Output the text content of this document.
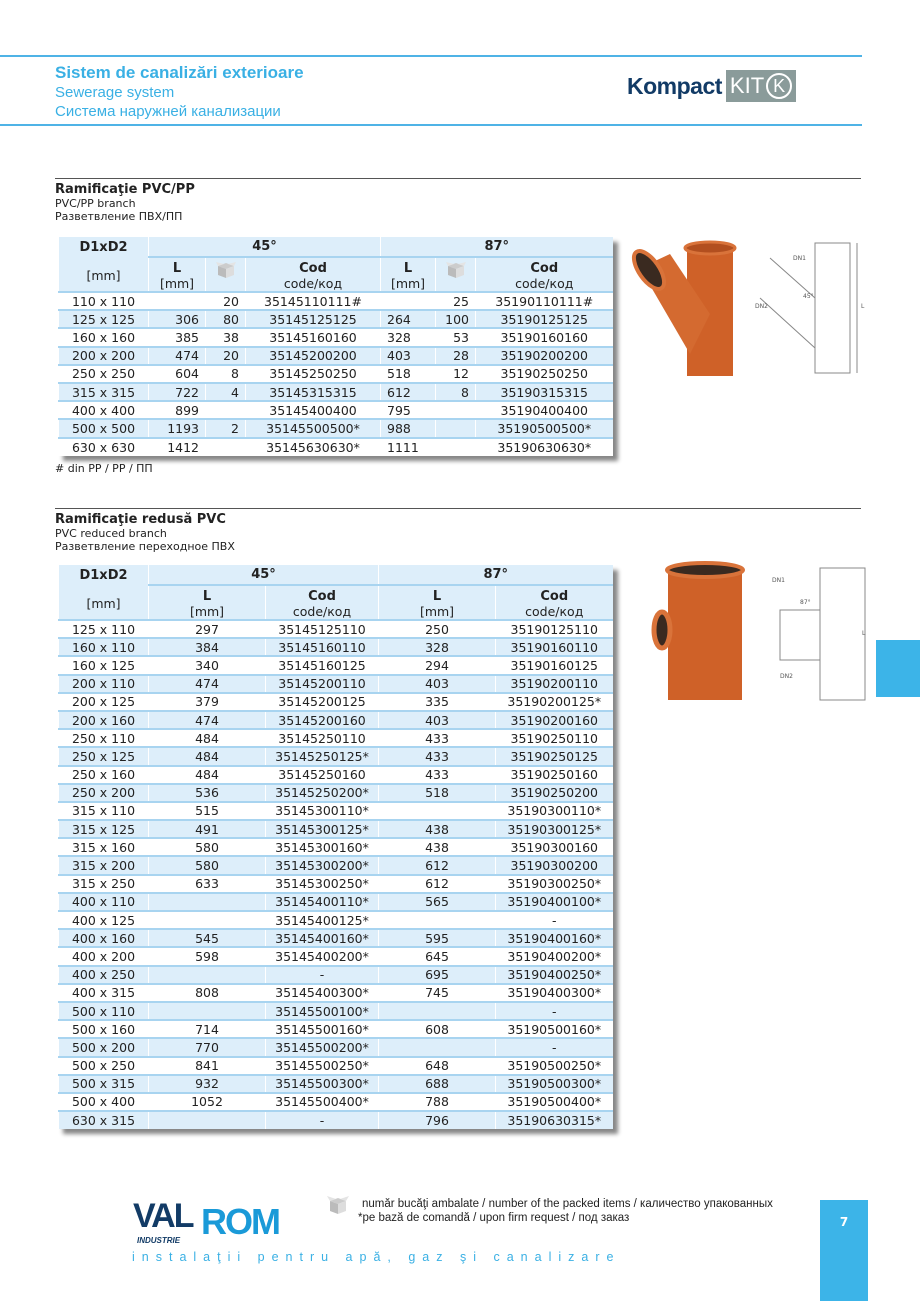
Sistem de canalizări exterioare
Sewerage system
Система наружней канализации
Kompact KIT K
Ramificaţie PVC/PP
PVC/PP branch
Разветвление ПВХ/ПП
D1xD2	45°			87°		
[mm]	L
[mm]		Cod
code/код	L
[mm]		Cod
code/код
110 x 110		20	35145110111#		25	35190110111#
125 x 125	306	80	35145125125	264	100	35190125125
160 x 160	385	38	35145160160	328	53	35190160160
200 x 200	474	20	35145200200	403	28	35190200200
250 x 250	604	8	35145250250	518	12	35190250250
315 x 315	722	4	35145315315	612	8	35190315315
400 x 400	899		35145400400	795		35190400400
500 x 500	1193	2	35145500500*	988		35190500500*
630 x 630	1412		35145630630*	1111		35190630630*
# din PP / PP / ПП
DN1
DN2
45°
L
Ramificaţie redusă PVC
PVC reduced branch
Разветвление переходное ПВХ
D1xD2	45°		87°	
[mm]	L
[mm]	Cod
code/код	L
[mm]	Cod
code/код
125 x 110	297	35145125110	250	35190125110
160 x 110	384	35145160110	328	35190160110
160 x 125	340	35145160125	294	35190160125
200 x 110	474	35145200110	403	35190200110
200 x 125	379	35145200125	335	35190200125*
200 x 160	474	35145200160	403	35190200160
250 x 110	484	35145250110	433	35190250110
250 x 125	484	35145250125*	433	35190250125
250 x 160	484	35145250160	433	35190250160
250 x 200	536	35145250200*	518	35190250200
315 x 110	515	35145300110*		35190300110*
315 x 125	491	35145300125*	438	35190300125*
315 x 160	580	35145300160*	438	35190300160
315 x 200	580	35145300200*	612	35190300200
315 x 250	633	35145300250*	612	35190300250*
400 x 110		35145400110*	565	35190400100*
400 x 125		35145400125*		-
400 x 160	545	35145400160*	595	35190400160*
400 x 200	598	35145400200*	645	35190400200*
400 x 250		-	695	35190400250*
400 x 315	808	35145400300*	745	35190400300*
500 x 110		35145500100*		-
500 x 160	714	35145500160*	608	35190500160*
500 x 200	770	35145500200*		-
500 x 250	841	35145500250*	648	35190500250*
500 x 315	932	35145500300*	688	35190500300*
500 x 400	1052	35145500400*	788	35190500400*
630 x 315		-	796	35190630315*
DN1
DN2
87°
L
VAL ROM
INDUSTRIE
număr bucăţi ambalate / number of the packed items / каличество упакованных
*pe bază de comandă / upon firm request / под заказ
instalaţii pentru apă, gaz şi canalizare
7
